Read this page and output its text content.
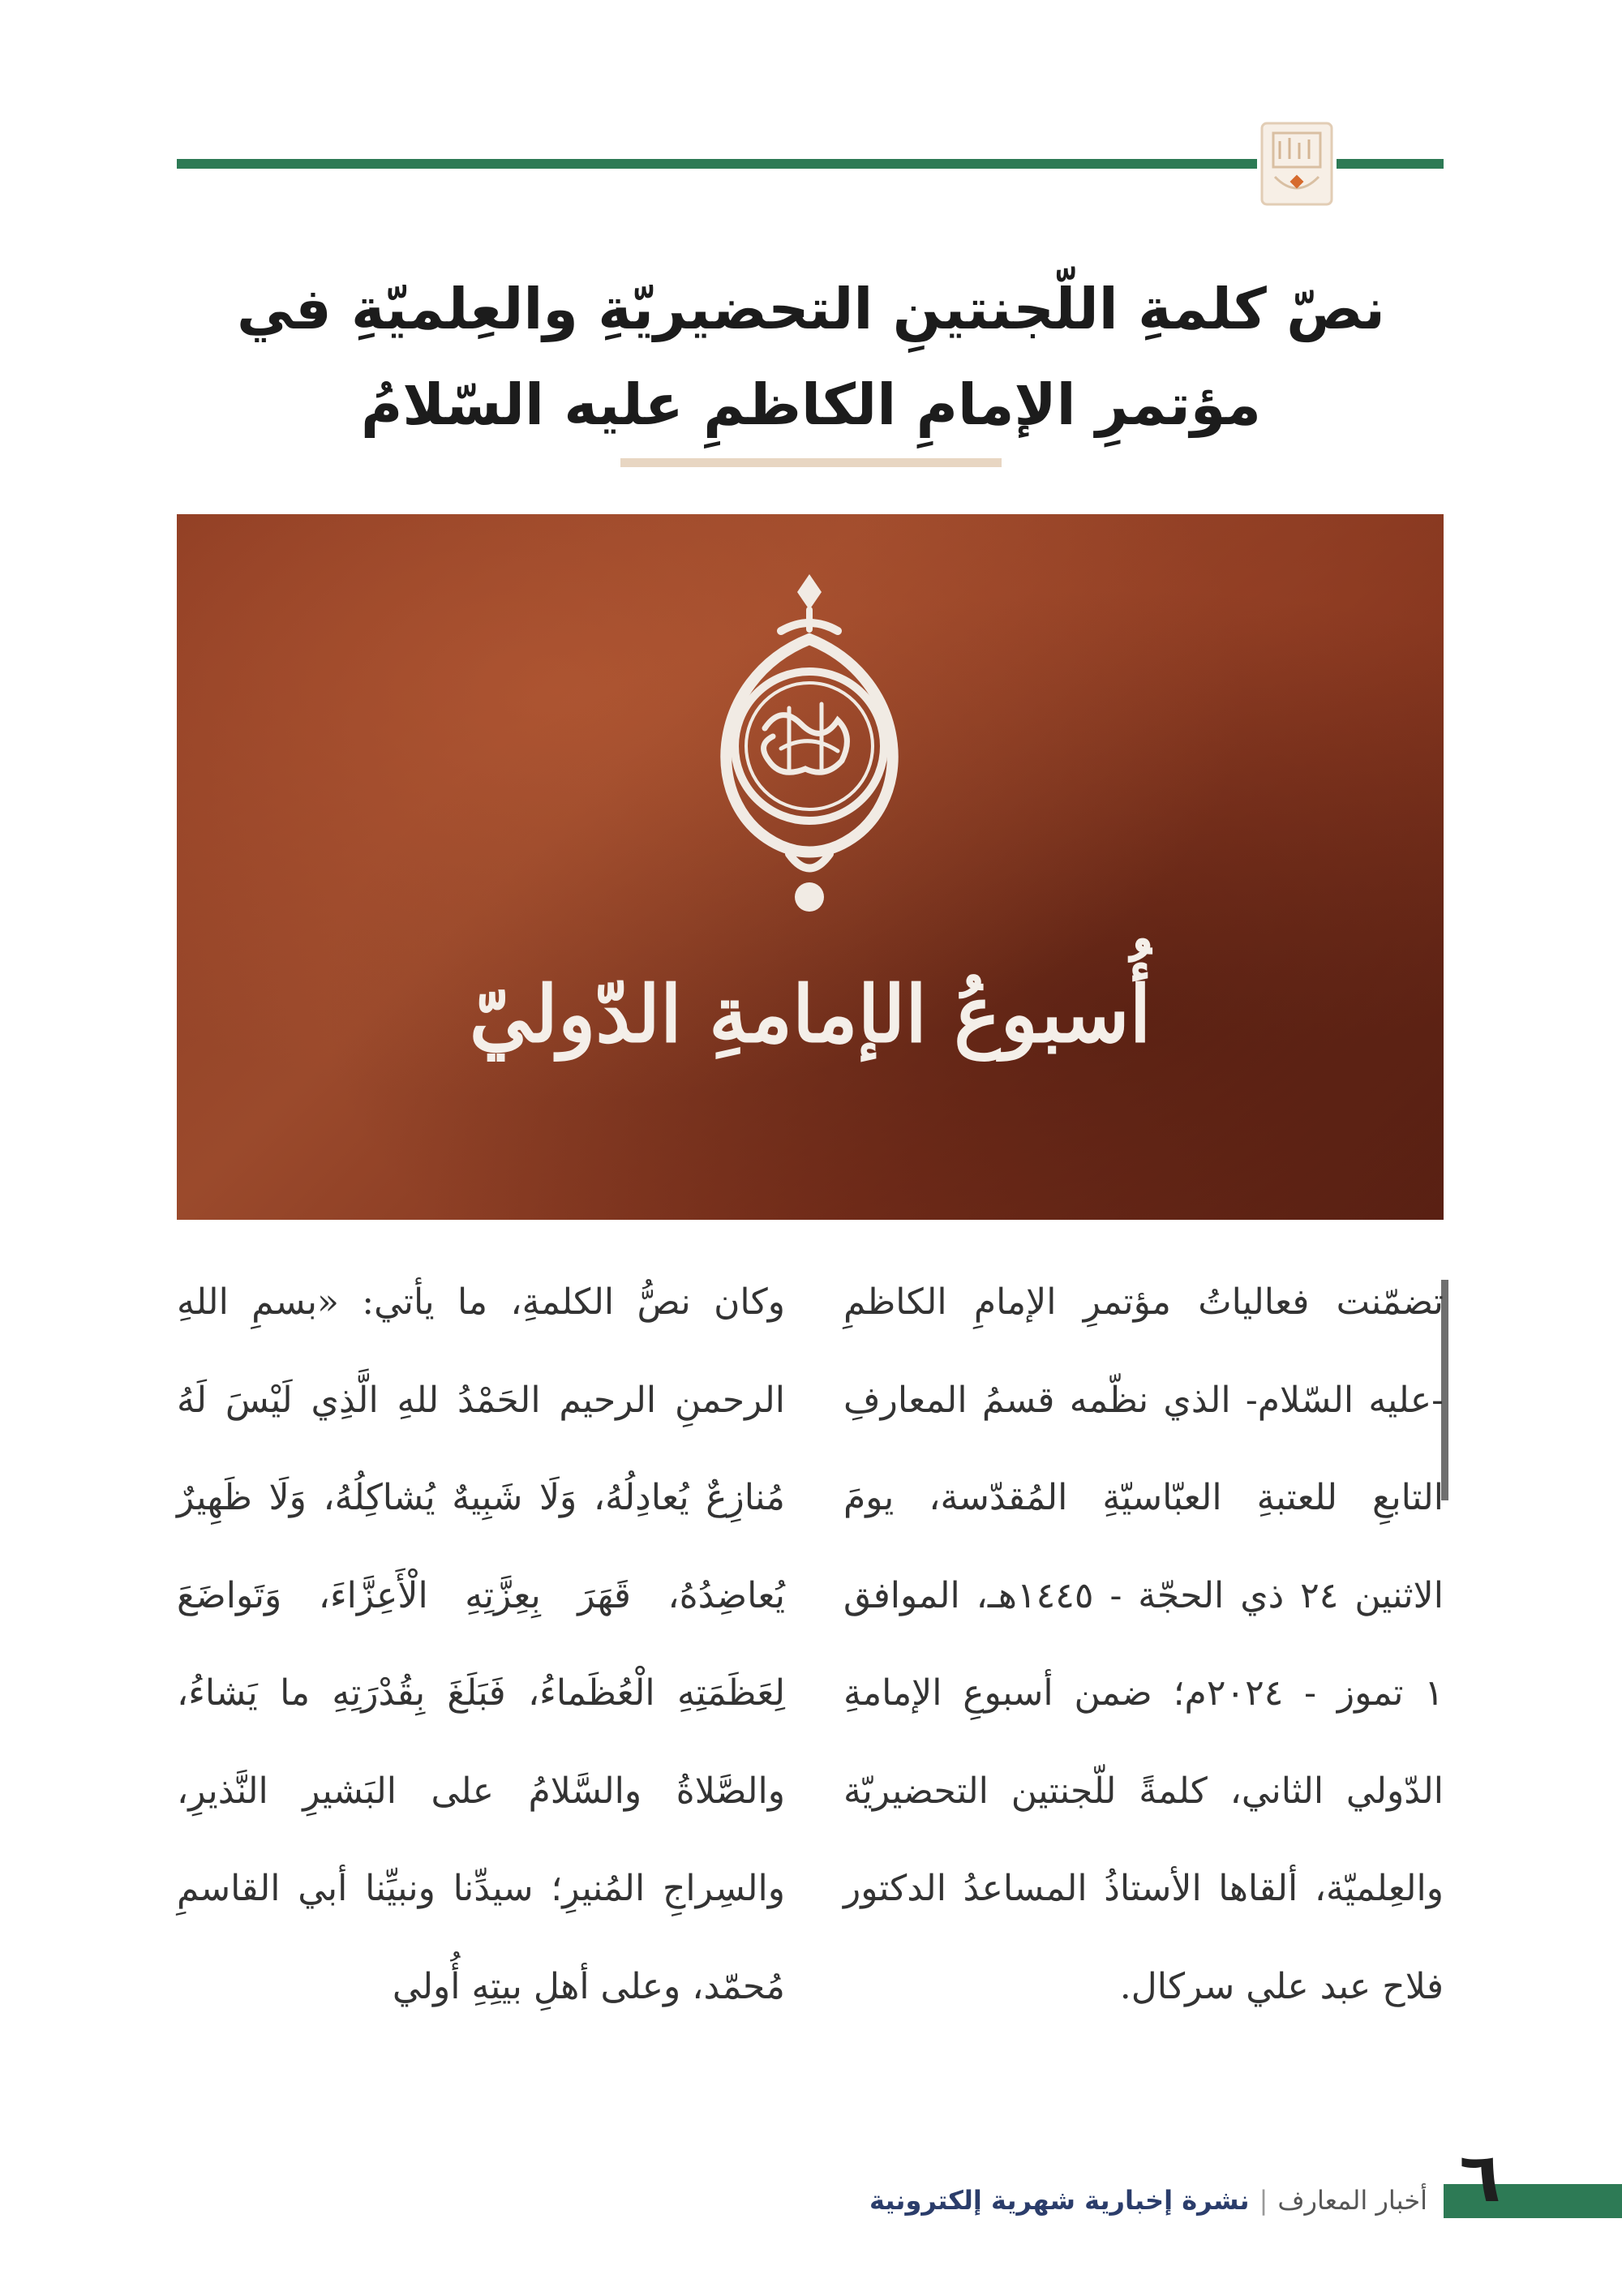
نصّ كلمةِ اللّجنتينِ التحضيريّةِ والعِلميّةِ في
مؤتمرِ الإمامِ الكاظمِ عليه السّلامُ
أُسبوعُ الإمامةِ الدّوليّ

تضمّنت فعالياتُ مؤتمرِ الإمامِ الكاظمِ -عليه السّلام- الذي نظّمه قسمُ المعارفِ التابعِ للعتبةِ العبّاسيّةِ المُقدّسة، يومَ الاثنين ٢٤ ذي الحجّة - ١٤٤٥هـ، الموافق ١ تموز - ٢٠٢٤م؛ ضمن أسبوعِ الإمامةِ الدّولي الثاني، كلمةً للّجنتين التحضيريّة والعِلميّة، ألقاها الأستاذُ المساعدُ الدكتور فلاح عبد علي سركال.

وكان نصُّ الكلمةِ، ما يأتي: «بسمِ اللهِ الرحمنِ الرحيم الحَمْدُ للهِ الَّذِي لَيْسَ لَهُ مُنازِعٌ يُعادِلُهُ، وَلَا شَبِيهٌ يُشاكِلُهُ، وَلَا ظَهِيرٌ يُعاضِدُهُ، قَهَرَ بِعِزَّتِهِ الْأَعِزَّاءَ، وَتَواضَعَ لِعَظَمَتِهِ الْعُظَماءُ، فَبَلَغَ بِقُدْرَتِهِ ما يَشاءُ، والصَّلاةُ والسَّلامُ على البَشيرِ النَّذيرِ، والسِراجِ المُنيرِ؛ سيدِّنا ونبيِّنا أبي القاسمِ مُحمّد، وعلى أهلِ بيتِهِ أُولي

٦
أخبار المعارف|نشرة إخبارية شهرية إلكترونية
